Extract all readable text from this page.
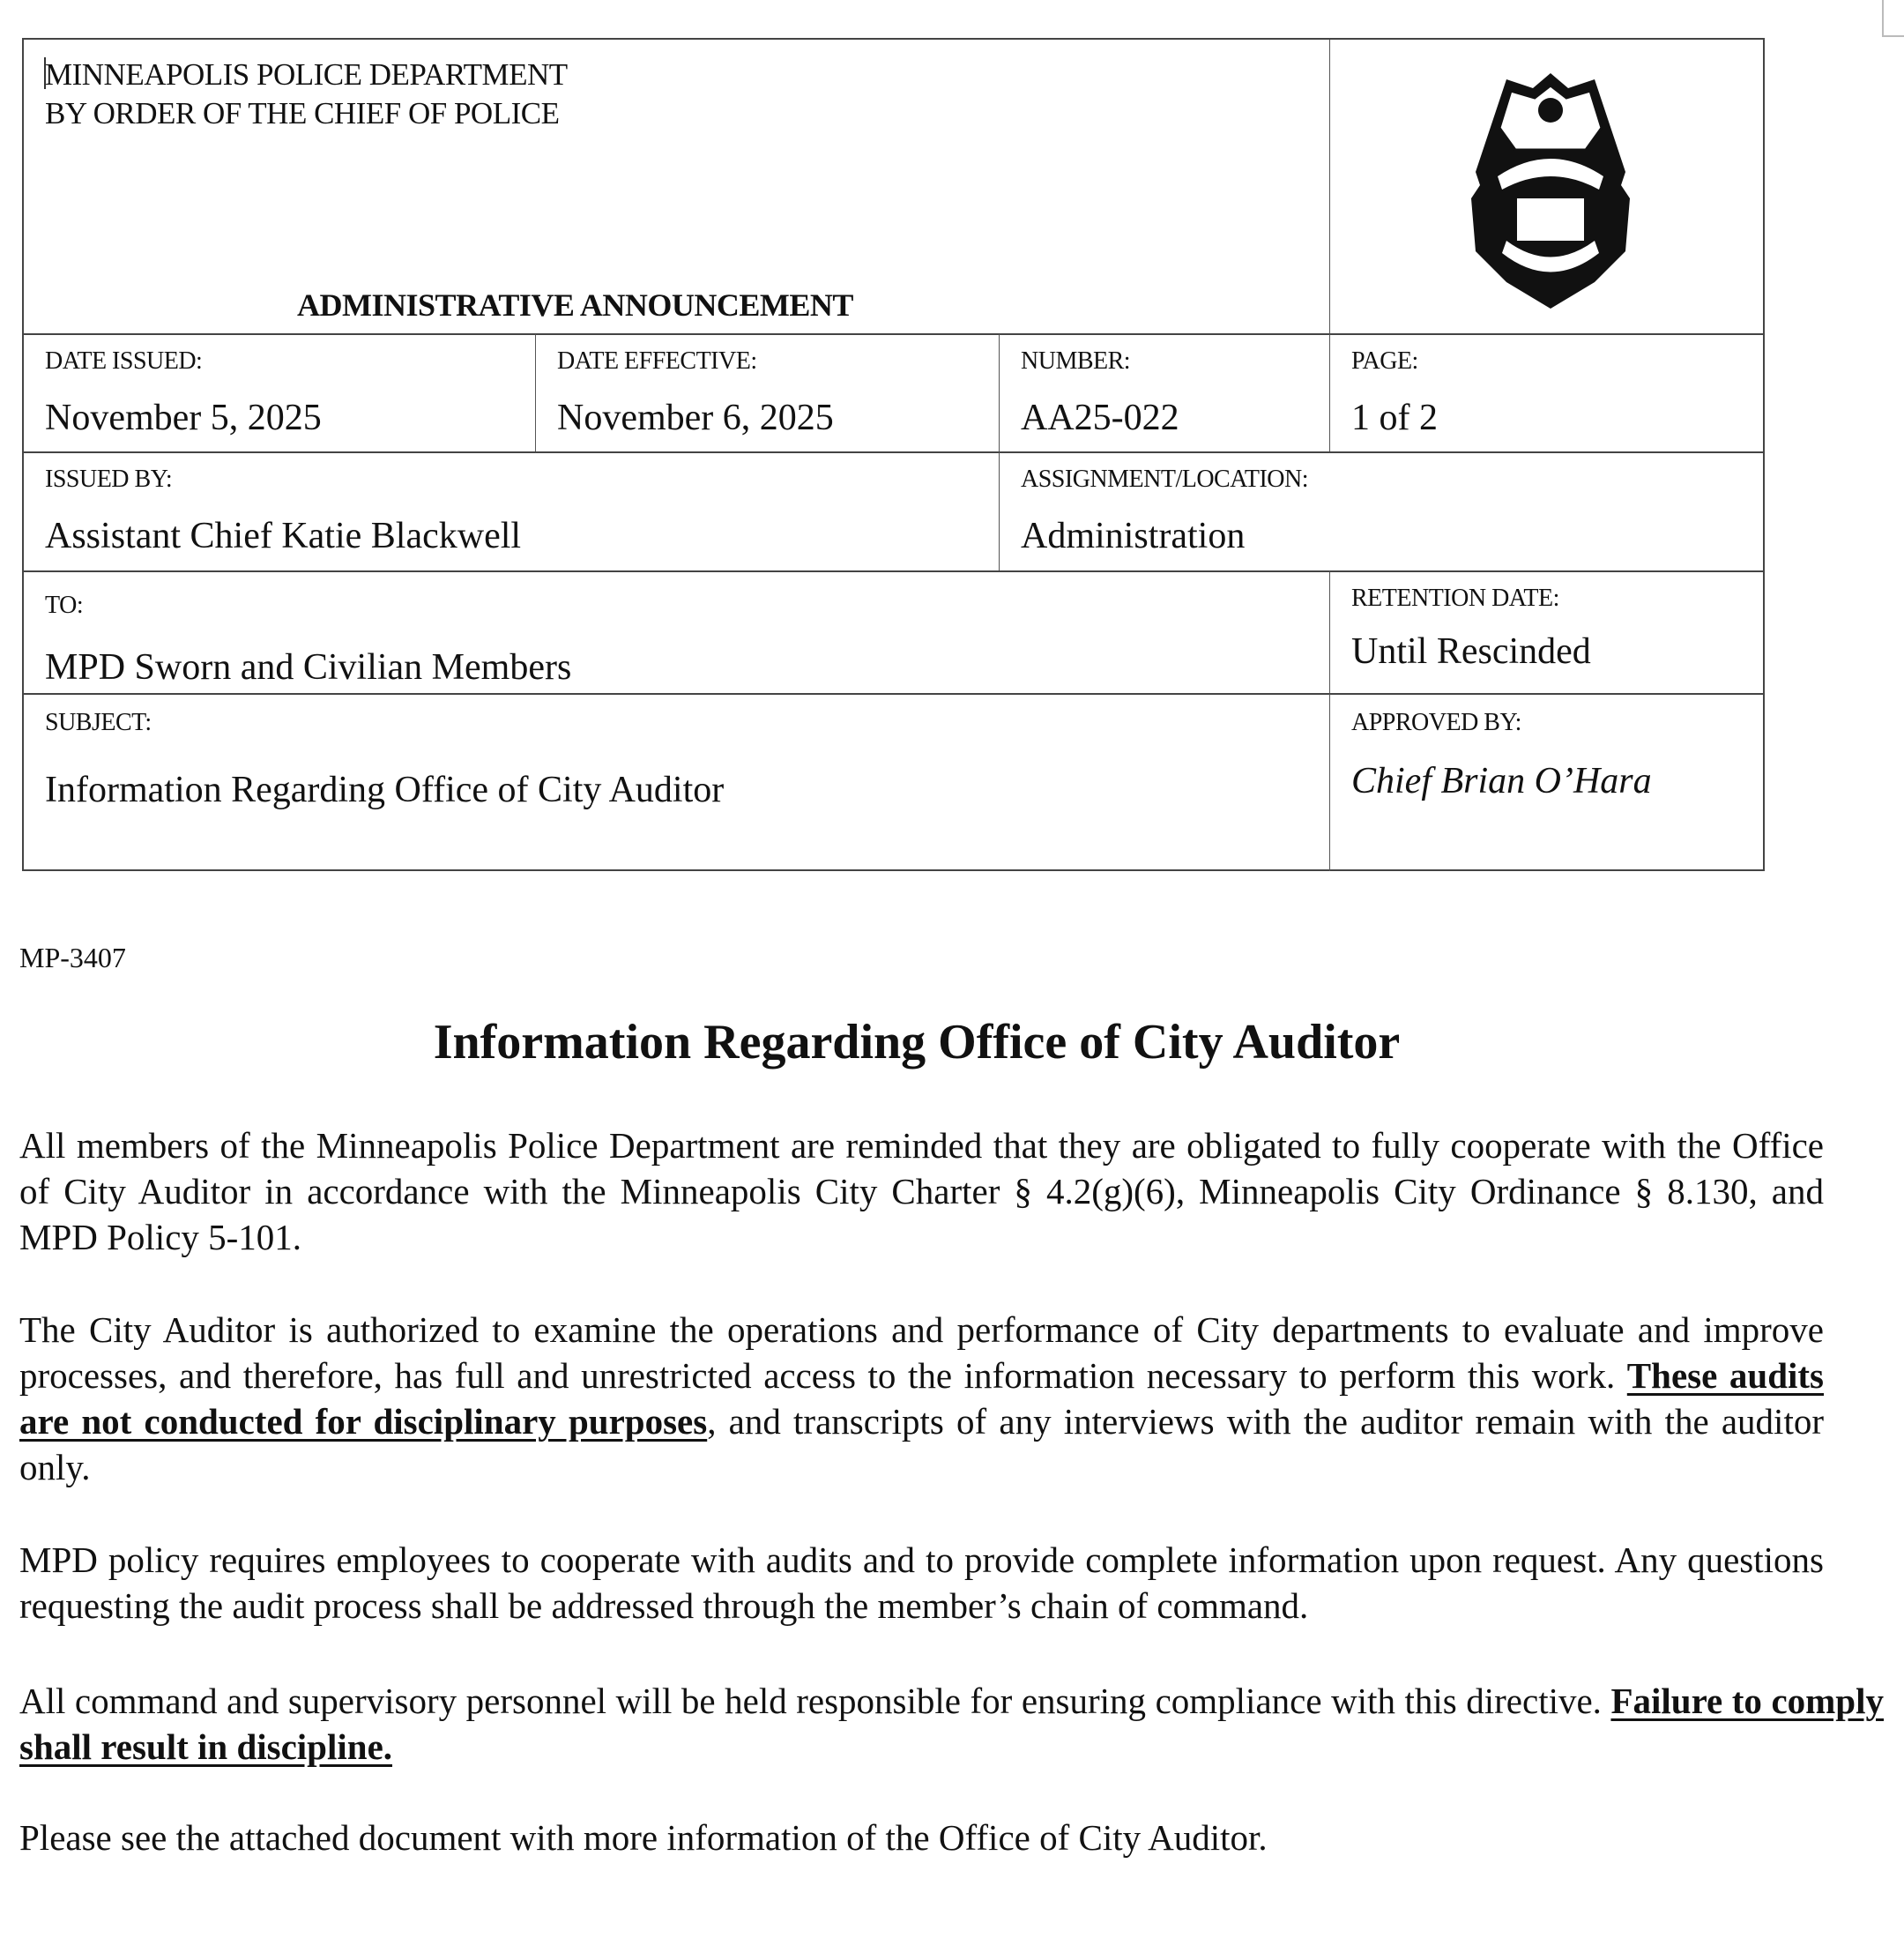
MINNEAPOLIS POLICE DEPARTMENT
BY ORDER OF THE CHIEF OF POLICE
ADMINISTRATIVE ANNOUNCEMENT
DATE ISSUED:
November 5, 2025
DATE EFFECTIVE:
November 6, 2025
NUMBER:
AA25-022
PAGE:
1 of 2
ISSUED BY:
Assistant Chief Katie Blackwell
ASSIGNMENT/LOCATION:
Administration
TO:
MPD Sworn and Civilian Members
RETENTION DATE:
Until Rescinded
SUBJECT:
Information Regarding Office of City Auditor
APPROVED BY:
Chief Brian O’Hara
MP-3407
Information Regarding Office of City Auditor

All members of the Minneapolis Police Department are reminded that they are obligated to fully cooperate with the Office of City Auditor in accordance with the Minneapolis City Charter § 4.2(g)(6), Minneapolis City Ordinance § 8.130, and MPD Policy 5-101.

The City Auditor is authorized to examine the operations and performance of City departments to evaluate and improve processes, and therefore, has full and unrestricted access to the information necessary to perform this work. These audits are not conducted for disciplinary purposes, and transcripts of any interviews with the auditor remain with the auditor only.

MPD policy requires employees to cooperate with audits and to provide complete information upon request. Any questions requesting the audit process shall be addressed through the member’s chain of command.

All command and supervisory personnel will be held responsible for ensuring compliance with this directive. Failure to comply shall result in discipline.

Please see the attached document with more information of the Office of City Auditor.
